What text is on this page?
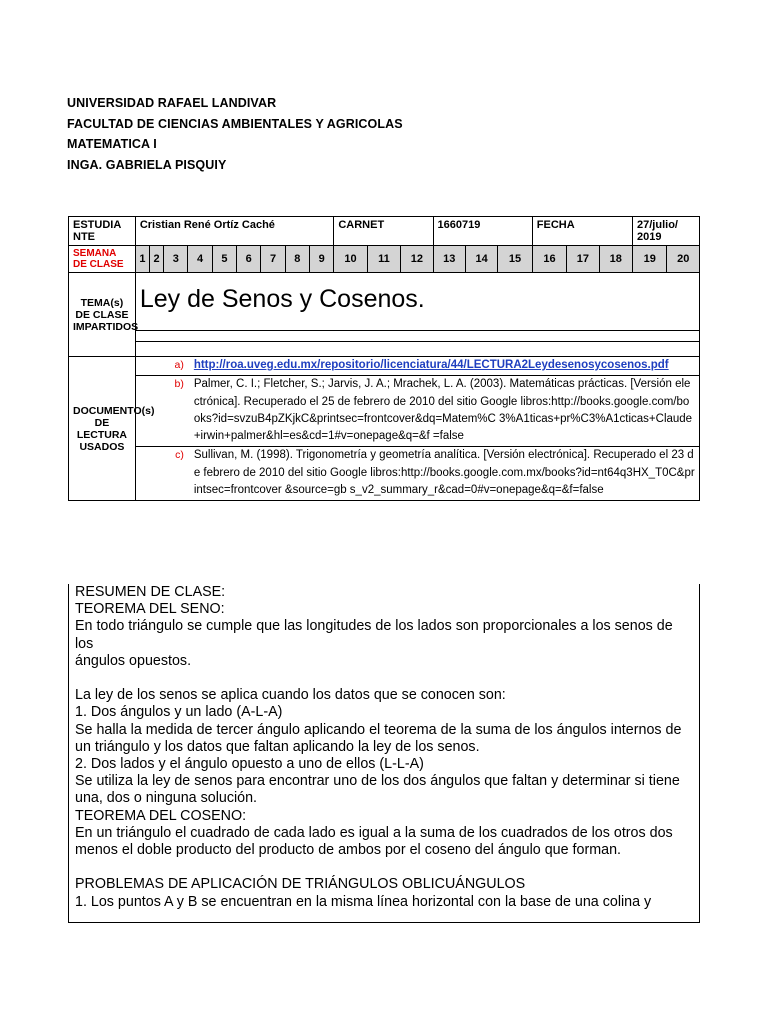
UNIVERSIDAD RAFAEL LANDIVAR
FACULTAD DE CIENCIAS AMBIENTALES Y AGRICOLAS
MATEMATICA I
INGA. GABRIELA PISQUIY
ESTUDIA NTE	Cristian René Ortíz Caché									CARNET			1660719			FECHA			27/julio/ 2019	
SEMANA DE CLASE	1	2	3	4	5	6	7	8	9	10	11	12	13	14	15	16	17	18	19	20
TEMA(s) DE CLASE IMPARTIDOS	Ley de Senos y Cosenos.																			

DOCUMENTO(s) DE LECTURA USADOS	a) http://roa.uveg.edu.mx/repositorio/licenciatura/44/LECTURA2Leydesenosycosenos.pdf																			

	b) Palmer, C. I.; Fletcher, S.; Jarvis, J. A.; Mrachek, L. A. (2003). Matemáticas prácticas. [Versión electrónica]. Recuperado el 25 de febrero de 2010 del sitio Google libros:http://books.google.com/books?id=svzuB4pZKjkC&printsec=frontcover&dq=Matem%C 3%A1ticas+pr%C3%A1cticas+Claude+irwin+palmer&hl=es&cd=1#v=onepage&q=&f =false																			

	c) Sullivan, M. (1998). Trigonometría y geometría analítica. [Versión electrónica]. Recuperado el 23 de febrero de 2010 del sitio Google libros:http://books.google.com.mx/books?id=nt64q3HX_T0C&printsec=frontcover &source=gb s_v2_summary_r&cad=0#v=onepage&q=&f=false																			

RESUMEN DE CLASE:

TEOREMA DEL SENO:

En todo triángulo se cumple que las longitudes de los lados son proporcionales a los senos de los

ángulos opuestos.

La ley de los senos se aplica cuando los datos que se conocen son:

1. Dos ángulos y un lado (A-L-A)

Se halla la medida de tercer ángulo aplicando el teorema de la suma de los ángulos internos de un triángulo y los datos que faltan aplicando la ley de los senos.

2. Dos lados y el ángulo opuesto a uno de ellos (L-L-A)

Se utiliza la ley de senos para encontrar uno de los dos ángulos que faltan y determinar si tiene una, dos o ninguna solución.

TEOREMA DEL COSENO:

En un triángulo el cuadrado de cada lado es igual a la suma de los cuadrados de los otros dos menos el doble producto del producto de ambos por el coseno del ángulo que forman.

PROBLEMAS DE APLICACIÓN DE TRIÁNGULOS OBLICUÁNGULOS

1. Los puntos A y B se encuentran en la misma línea horizontal con la base de una colina y
